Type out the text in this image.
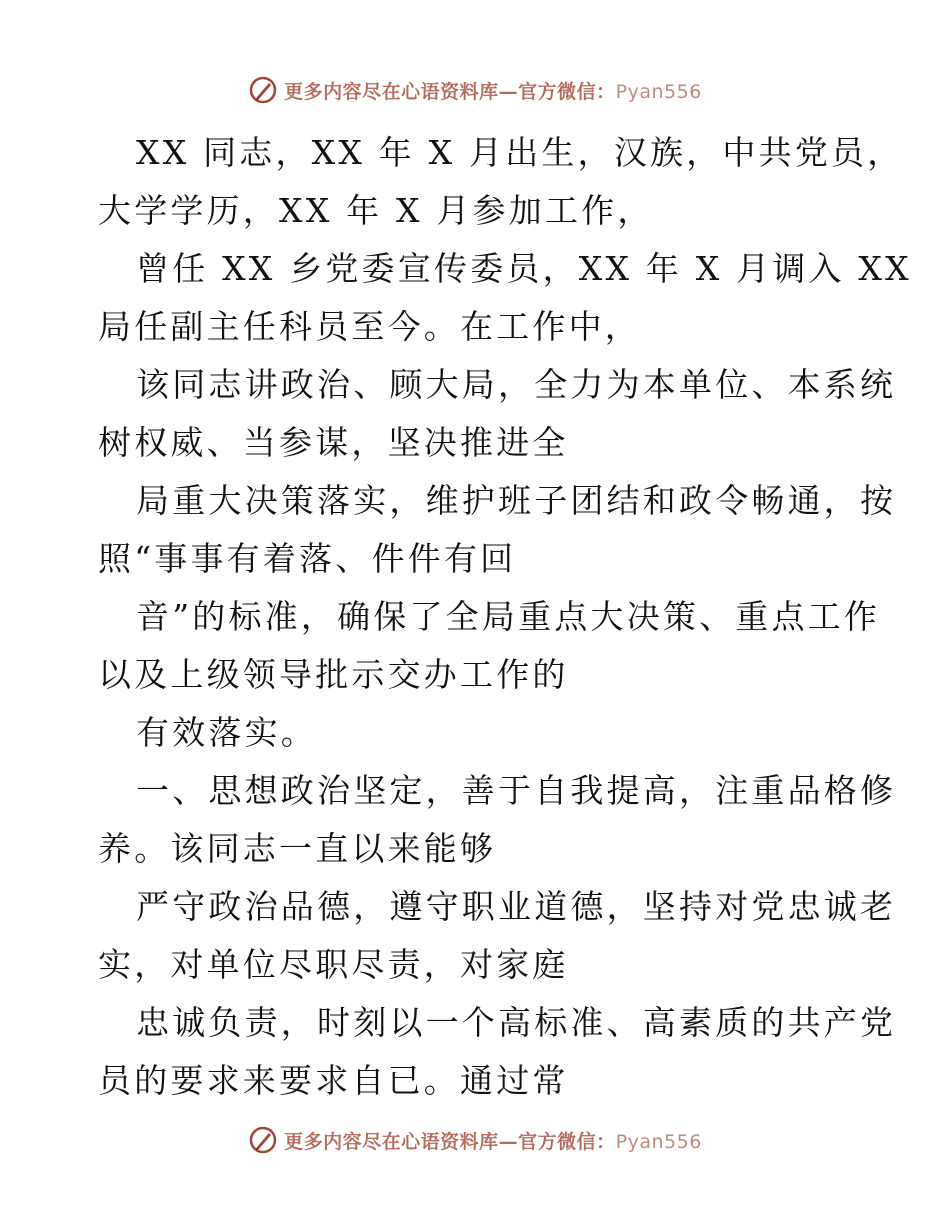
更多内容尽在心语资料库—官方微信：Pyan556
XX 同志，XX 年 X 月出生，汉族，中共党员，
大学学历，XX 年 X 月参加工作，
曾任 XX 乡党委宣传委员，XX 年 X 月调入 XX
局任副主任科员至今。在工作中，
该同志讲政治、顾大局，全力为本单位、本系统
树权威、当参谋，坚决推进全
局重大决策落实，维护班子团结和政令畅通，按
照“事事有着落、件件有回
音”的标准，确保了全局重点大决策、重点工作
以及上级领导批示交办工作的
有效落实。
一、思想政治坚定，善于自我提高，注重品格修
养。该同志一直以来能够
严守政治品德，遵守职业道德，坚持对党忠诚老
实，对单位尽职尽责，对家庭
忠诚负责，时刻以一个高标准、高素质的共产党
员的要求来要求自已。通过常
更多内容尽在心语资料库—官方微信：Pyan556
